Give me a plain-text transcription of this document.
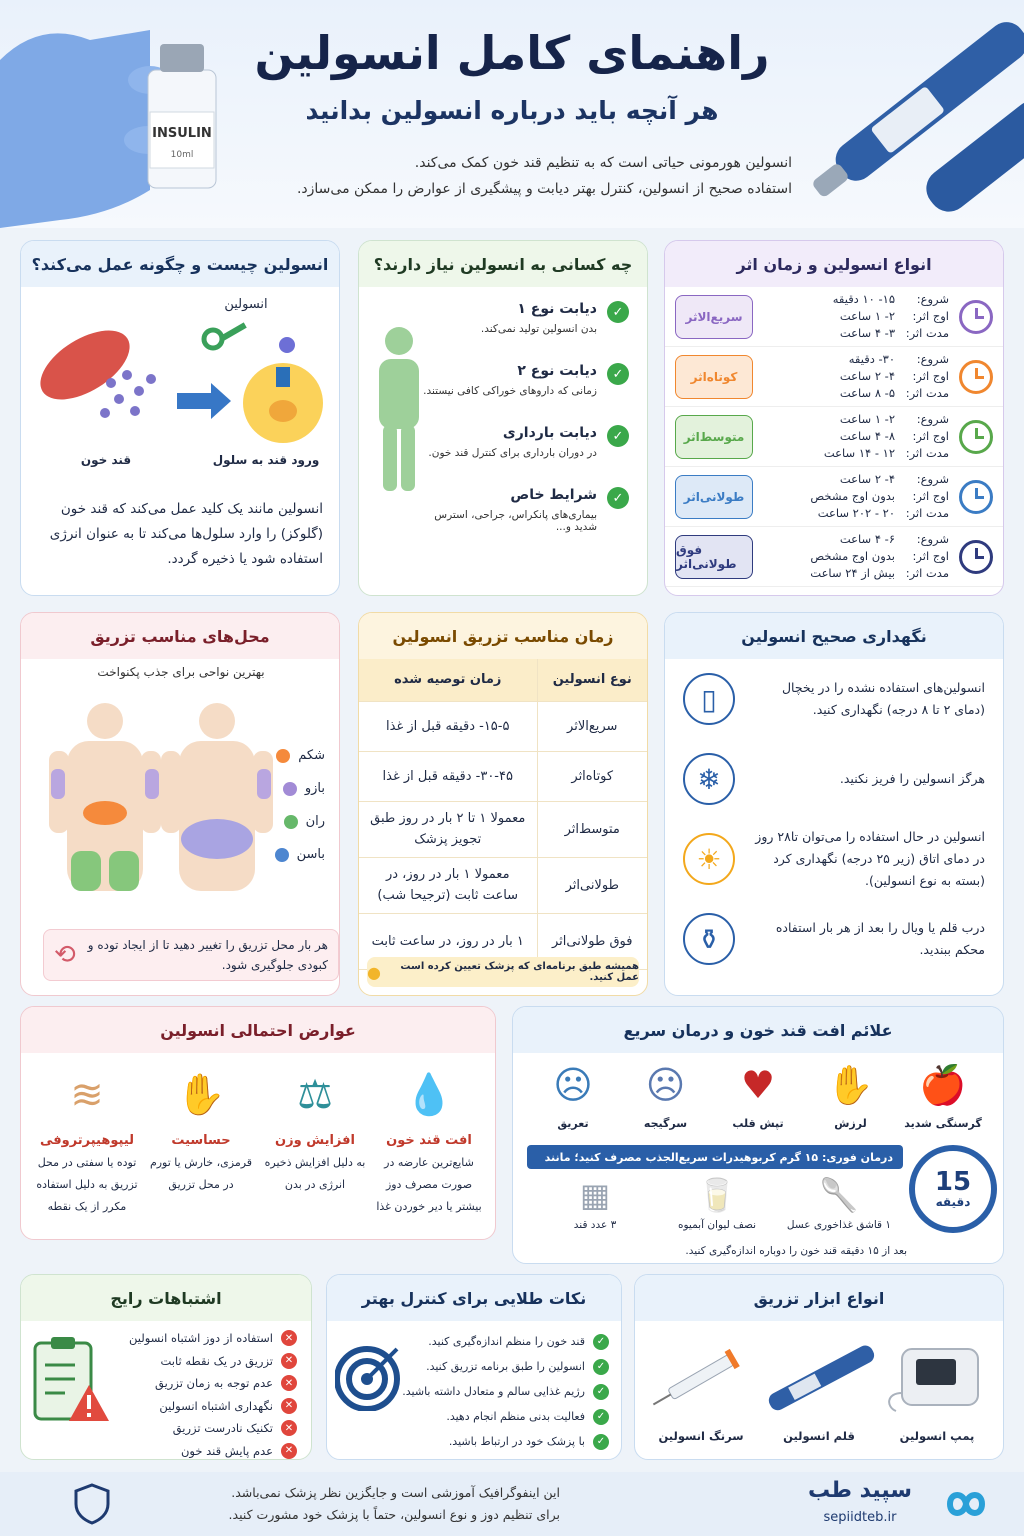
INSULIN
10ml
راهنمای کامل انسولین
هر آنچه باید درباره انسولین بدانید
انسولین هورمونی حیاتی است که به تنظیم قند خون کمک می‌کند.
استفاده صحیح از انسولین، کنترل بهتر دیابت و پیشگیری از عوارض را ممکن می‌سازد.
انواع انسولین و زمان اثر
سریع‌الاثر
شروع:
۱۵- ۱۰ دقیقه
اوج اثر:
۲- ۱ ساعت
مدت اثر:
۳- ۴ ساعت
کوتاه‌اثر
شروع:
۳۰- دقیقه
اوج اثر:
۴- ۲ ساعت
مدت اثر:
۵- ۸ ساعت
متوسط‌اثر
شروع:
۲- ۱ ساعت
اوج اثر:
۸- ۴ ساعت
مدت اثر:
۱۲ - ۱۴ ساعت
طولانی‌اثر
شروع:
۴- ۲ ساعت
اوج اثر:
بدون اوج مشخص
مدت اثر:
۲۰ - ۲۰۲ ساعت
فوق طولانی‌اثر
شروع:
۶- ۴ ساعت
اوج اثر:
بدون اوج مشخص
مدت اثر:
بیش از ۲۴ ساعت
چه کسانی به انسولین نیاز دارند؟
دیابت نوع ۱
بدن انسولین تولید نمی‌کند.
✓
دیابت نوع ۲
زمانی که داروهای خوراکی کافی نیستند.
✓
دیابت بارداری
در دوران بارداری برای کنترل قند خون.
✓
شرایط خاص
بیماری‌های پانکراس، جراحی، استرس شدید و...
✓
انسولین چیست و چگونه عمل می‌کند؟
انسولین
قند خون	ورود قند به سلول
انسولین مانند یک کلید عمل می‌کند که قند خون (گلوکز) را وارد سلول‌ها می‌کند تا به عنوان انرژی استفاده شود یا ذخیره گردد.
نگهداری صحیح انسولین
▯	انسولین‌های استفاده نشده را در یخچال (دمای ۲ تا ۸ درجه) نگهداری کنید.
❄	هرگز انسولین را فریز نکنید.
☀
انسولین در حال استفاده را می‌توان تا۲۸ روز در دمای اتاق (زیر ۲۵ درجه) نگهداری کرد (بسته به نوع انسولین).
⚱	درب قلم یا ویال را بعد از هر بار استفاده محکم ببندید.
زمان مناسب تزریق انسولین
نوع انسولین	زمان توصیه شده
سریع‌الاثر	۱۵-۵- دقیقه قبل از غذا
کوتاه‌اثر	۳۰-۴۵- دقیقه قبل از غذا
متوسط‌اثر	معمولا ۱ تا ۲ بار در روز طبق تجویز پزشک
طولانی‌اثر	معمولا ۱ بار در روز، در ساعت ثابت (ترجیحا شب)
فوق طولانی‌اثر	۱ بار در روز، در ساعت ثابت
همیشه طبق برنامه‌ای که پزشک تعیین کرده است عمل کنید.
●
محل‌های مناسب تزریق
بهترین نواحی برای جذب پکنواخت
شکم
بازو
ران
باسن
هر بار محل تزریق را تغییر دهید تا از ایجاد توده و کبودی جلوگیری شود.
⟲
علائم افت قند خون و درمان سریع
🍎
گرسنگی شدید
✋
لرزش
♥
تپش قلب
☹
سرگیجه
☹
تعریق
درمان فوری: ۱۵ گرم کربوهیدرات سریع‌الجذب مصرف کنید؛ مانند
🥄
۱ قاشق غذاخوری عسل
🥛
نصف لیوان آبمیوه
▦
۳ عدد قند
15
دقیقه
بعد از ۱۵ دقیقه قند خون را دوباره اندازه‌گیری کنید.
عوارض احتمالی انسولین
💧
افت قند خون
شایع‌ترین عارضه در صورت مصرف دوز بیشتر یا دیر خوردن غذا
⚖
افزایش وزن
به دلیل افزایش ذخیره انرژی در بدن
✋
حساسیت
قرمزی، خارش یا تورم در محل تزریق
≋
لیپوهیپرتروفی
توده یا سفتی در محل تزریق به دلیل استفاده مکرر از یک نقطه
انواع ابزار تزریق
پمپ انسولین
قلم انسولین
سرنگ انسولین
نکات طلایی برای کنترل بهتر
قند خون را منظم اندازه‌گیری کنید.	✓
انسولین را طبق برنامه تزریق کنید.	✓
رژیم غذایی سالم و متعادل داشته باشید.	✓
فعالیت بدنی منظم انجام دهید.	✓
با پزشک خود در ارتباط باشید.	✓
اشتباهات رایج
استفاده از دوز اشتباه انسولین	✕
تزریق در یک نقطه ثابت	✕
عدم توجه به زمان تزریق	✕
نگهداری اشتباه انسولین	✕
تکنیک نادرست تزریق	✕
عدم پایش قند خون	✕
سپید طب
sepiidteb.ir
این اینفوگرافیک آموزشی است و جایگزین نظر پزشک نمی‌باشد.
برای تنظیم دوز و نوع انسولین، حتماً با پزشک خود مشورت کنید.
